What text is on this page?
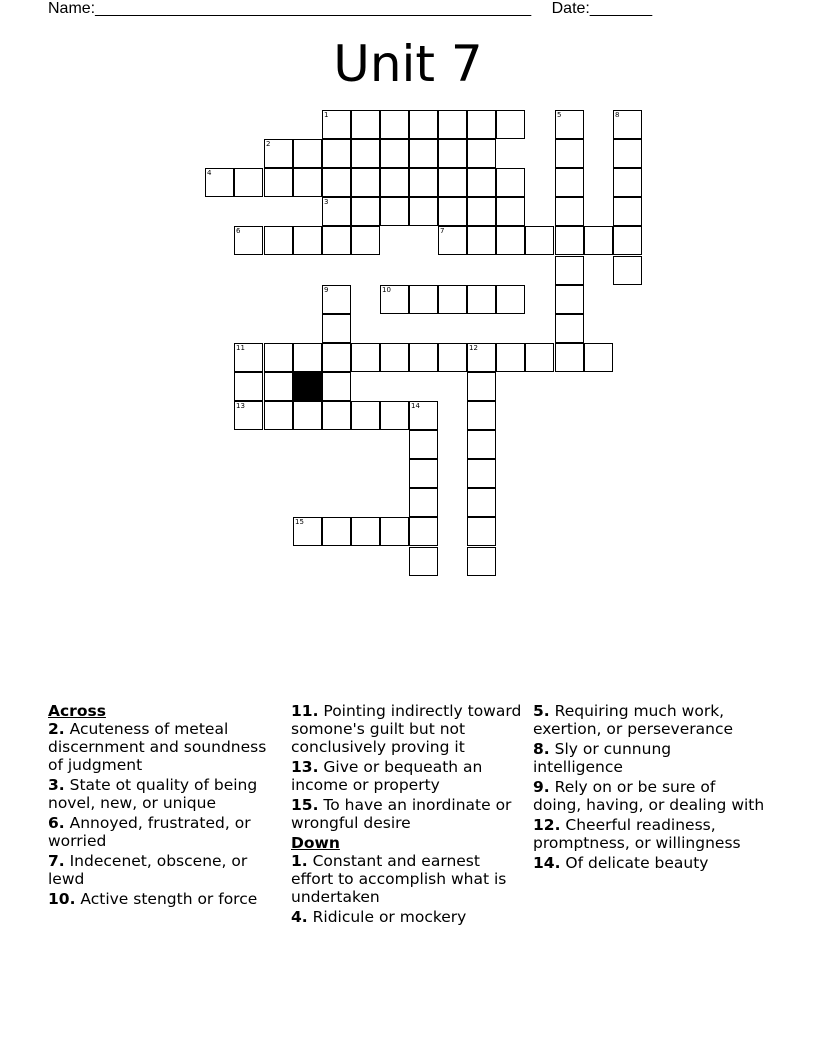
Name:_________________________________________________ Date:_______
Unit 7
1
2
4
3
5
6	7
8
9	10
11	12
13	14
15
Across
2. Acuteness of meteal discernment and soundness of judgment
3. State ot quality of being novel, new, or unique
6. Annoyed, frustrated, or worried
7. Indecenet, obscene, or lewd
10. Active stength or force
11. Pointing indirectly toward somone's guilt but not conclusively proving it
13. Give or bequeath an income or property
15. To have an inordinate or wrongful desire
Down
1. Constant and earnest effort to accomplish what is undertaken
4. Ridicule or mockery
5. Requiring much work, exertion, or perseverance
8. Sly or cunnung intelligence
9. Rely on or be sure of doing, having, or dealing with
12. Cheerful readiness, promptness, or willingness
14. Of delicate beauty
